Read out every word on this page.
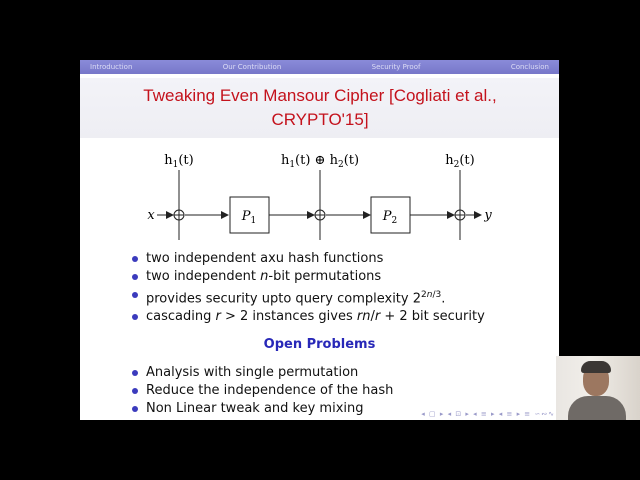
Introduction	Our Contribution	Security Proof	Conclusion
Tweaking Even Mansour Cipher [Cogliati et al.,
CRYPTO'15]
$h_1(t)$	$h_1(t)$ ⊕ $h_2(t)$	$h_2(t)$
x	y
$P_1$	$P_2$
two independent axu hash functions
two independent n-bit permutations
provides security upto query complexity $2^{2n/3}$.
cascading r > 2 instances gives rn/r + 2 bit security
Open Problems
Analysis with single permutation
Reduce the independence of the hash
Non Linear tweak and key mixing	◂ ▢ ▸ ◂ ⊡ ▸ ◂ ≡ ▸ ◂ ≡ ▸ ≡ ∽∾∿
